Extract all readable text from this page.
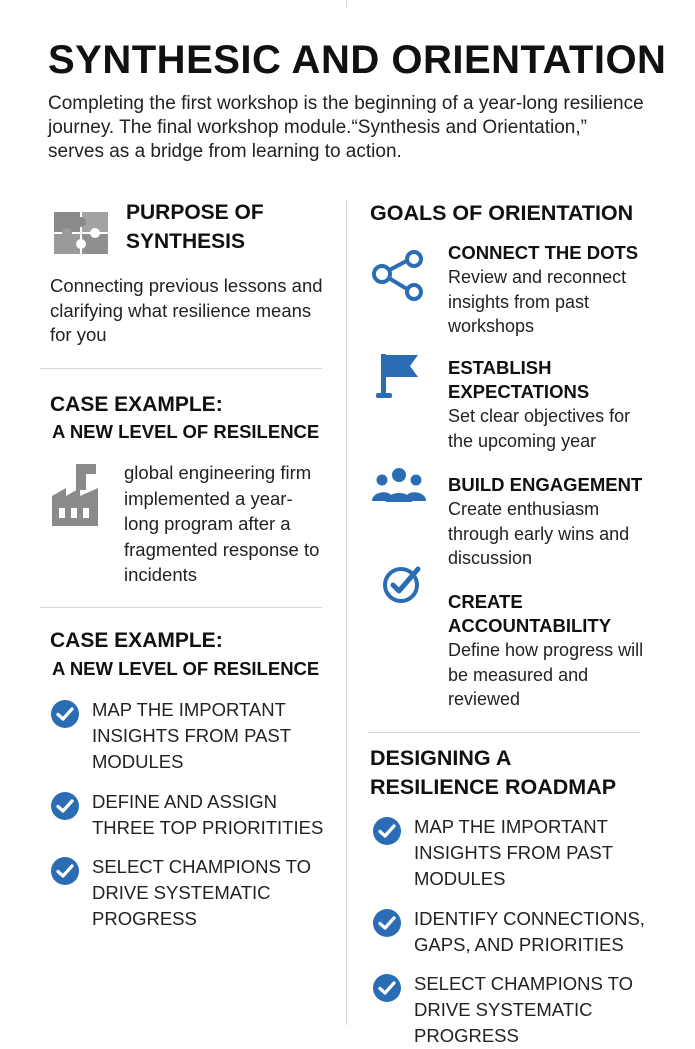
SYNTHESIC AND ORIENTATION

Completing the first workshop is the beginning of a year-long resilience journey. The final workshop module.“Synthesis and Orientation,” serves as a bridge from learning to action.

PURPOSE OF
SYNTHESIS

Connecting previous lessons and clarifying what resilience means for you

CASE EXAMPLE:
A NEW LEVEL OF RESILENCE

global engineering firm implemented a year-long program after a fragmented response to incidents

CASE EXAMPLE:
A NEW LEVEL OF RESILENCE
MAP THE IMPORTANT INSIGHTS FROM PAST MODULES
DEFINE AND ASSIGN THREE TOP PRIORITITIES
SELECT CHAMPIONS TO DRIVE SYSTEMATIC PROGRESS
GOALS OF ORIENTATION
CONNECT THE DOTS
Review and reconnect insights from past workshops
ESTABLISH EXPECTATIONS
Set clear objectives for the upcoming year
BUILD ENGAGEMENT
Create enthusiasm through early wins and discussion
CREATE ACCOUNTABILITY
Define how progress will be measured and reviewed
DESIGNING A
RESILIENCE ROADMAP
MAP THE IMPORTANT INSIGHTS FROM PAST MODULES
IDENTIFY CONNECTIONS, GAPS, AND PRIORITIES
SELECT CHAMPIONS TO DRIVE SYSTEMATIC PROGRESS
